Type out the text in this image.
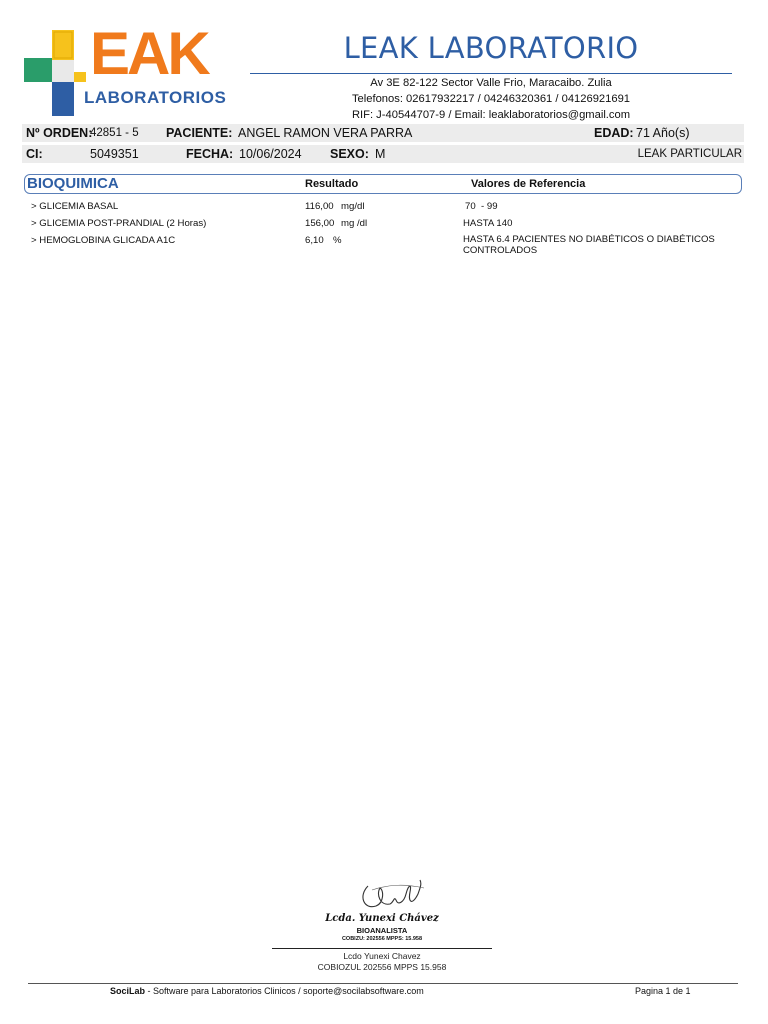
EAK
LABORATORIOS
LEAK LABORATORIO
Av 3E 82-122 Sector Valle Frio, Maracaibo. Zulia
Telefonos: 02617932217 / 04246320361 / 04126921691
RIF: J-40544707-9 / Email: leaklaboratorios@gmail.com
Nº ORDEN:
42851 - 5 PACIENTE: ANGEL RAMON VERA PARRA	EDAD: 71 Año(s)
CI:	5049351	FECHA: 10/06/2024 SEXO: M	LEAK PARTICULAR
BIOQUIMICA	Resultado	Valores de Referencia
> GLICEMIA BASAL	116,00 mg/dl	70  - 99
> GLICEMIA POST-PRANDIAL (2 Horas)	156,00 mg /dl	HASTA 140
> HEMOGLOBINA GLICADA A1C	6,10 %	HASTA 6.4 PACIENTES NO DIABÉTICOS O DIABÉTICOS CONTROLADOS
Lcda. Yunexi Chávez
BIOANALISTA
COBIZU: 202556 MPPS: 15.958
Lcdo Yunexi Chavez
COBIOZUL 202556 MPPS 15.958
SociLab - Software para Laboratorios Clinicos / soporte@socilabsoftware.com	Pagina 1 de 1
